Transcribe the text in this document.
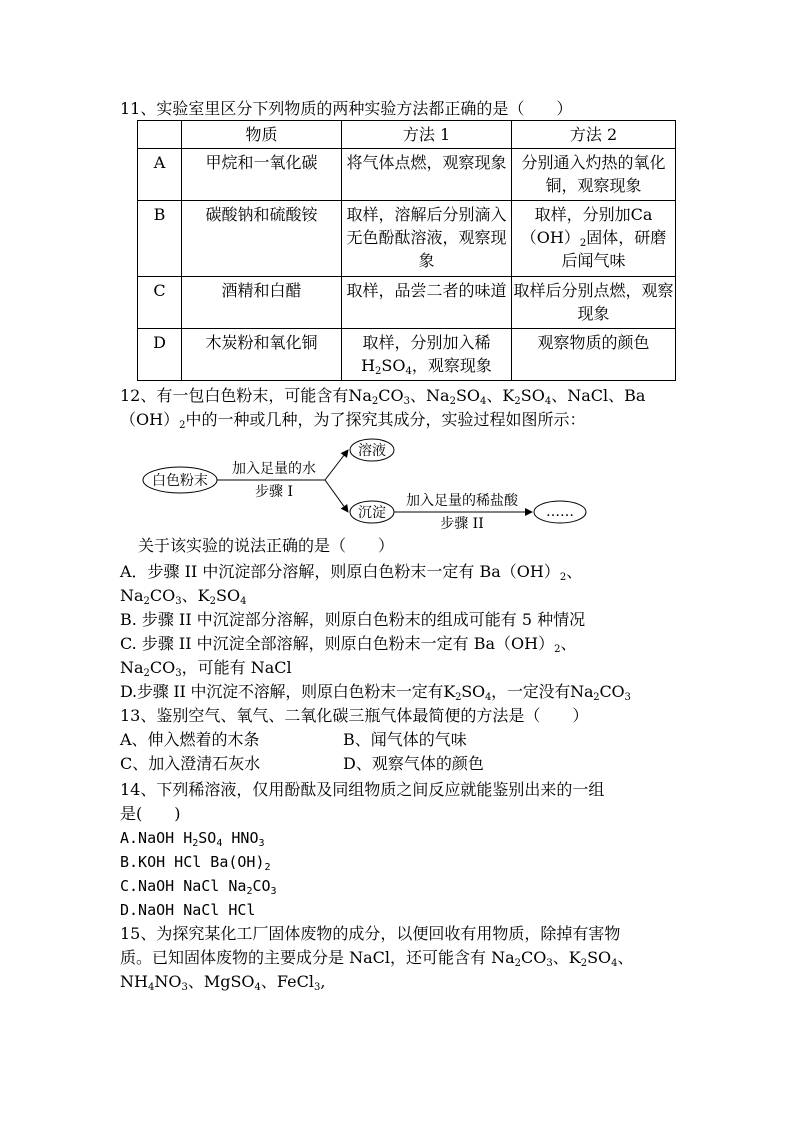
11、实验室里区分下列物质的两种实验方法都正确的是（　　）
	物质	方法 1	方法 2
A	甲烷和一氧化碳	将气体点燃，观察现象	分别通入灼热的氧化铜，观察现象
B	碳酸钠和硫酸铵	取样，溶解后分别滴入无色酚酞溶液，观察现象	取样，分别加$Ca(OH)_2$固体，研磨后闻气味
C	酒精和白醋	取样，品尝二者的味道	取样后分别点燃，观察现象
D	木炭粉和氧化铜	取样，分别加入稀$H_2SO_4$，观察现象	观察物质的颜色
12、有一包白色粉末，可能含有$Na_2CO_3$、$Na_2SO_4$、$K_2SO_4$、NaCl、Ba
$(OH)_2$中的一种或几种，为了探究其成分，实验过程如图所示：
白色粉末
加入足量的水
步骤 I
溶液
沉淀
加入足量的稀盐酸
步骤 II
……
关于该实验的说法正确的是（　　）
A．步骤 II 中沉淀部分溶解，则原白色粉末一定有 $Ba(OH)_2$、
$Na_2CO_3$、$K_2SO_4$
B. 步骤 II 中沉淀部分溶解，则原白色粉末的组成可能有 5 种情况
C. 步骤 II 中沉淀全部溶解，则原白色粉末一定有 $Ba(OH)_2$、
$Na_2CO_3$，可能有 NaCl
D.步骤 II 中沉淀不溶解，则原白色粉末一定有$K_2SO_4$，一定没有$Na_2CO_3$
13、鉴别空气、氧气、二氧化碳三瓶气体最简便的方法是（　　）
A、伸入燃着的木条	B、闻气体的气味
C、加入澄清石灰水	D、观察气体的颜色
14、下列稀溶液，仅用酚酞及同组物质之间反应就能鉴别出来的一组
是(　　)
A.NaOH $H_2SO_4$ $HNO_3$
B.KOH HCl $Ba(OH)_2$
C.NaOH NaCl $Na_2CO_3$
D.NaOH NaCl HCl
15、为探究某化工厂固体废物的成分，以便回收有用物质，除掉有害物
质。已知固体废物的主要成分是 NaCl，还可能含有 $Na_2CO_3$、$K_2SO_4$、
$NH_4NO_3$、MgSO$_4$、FeCl$_3$,
